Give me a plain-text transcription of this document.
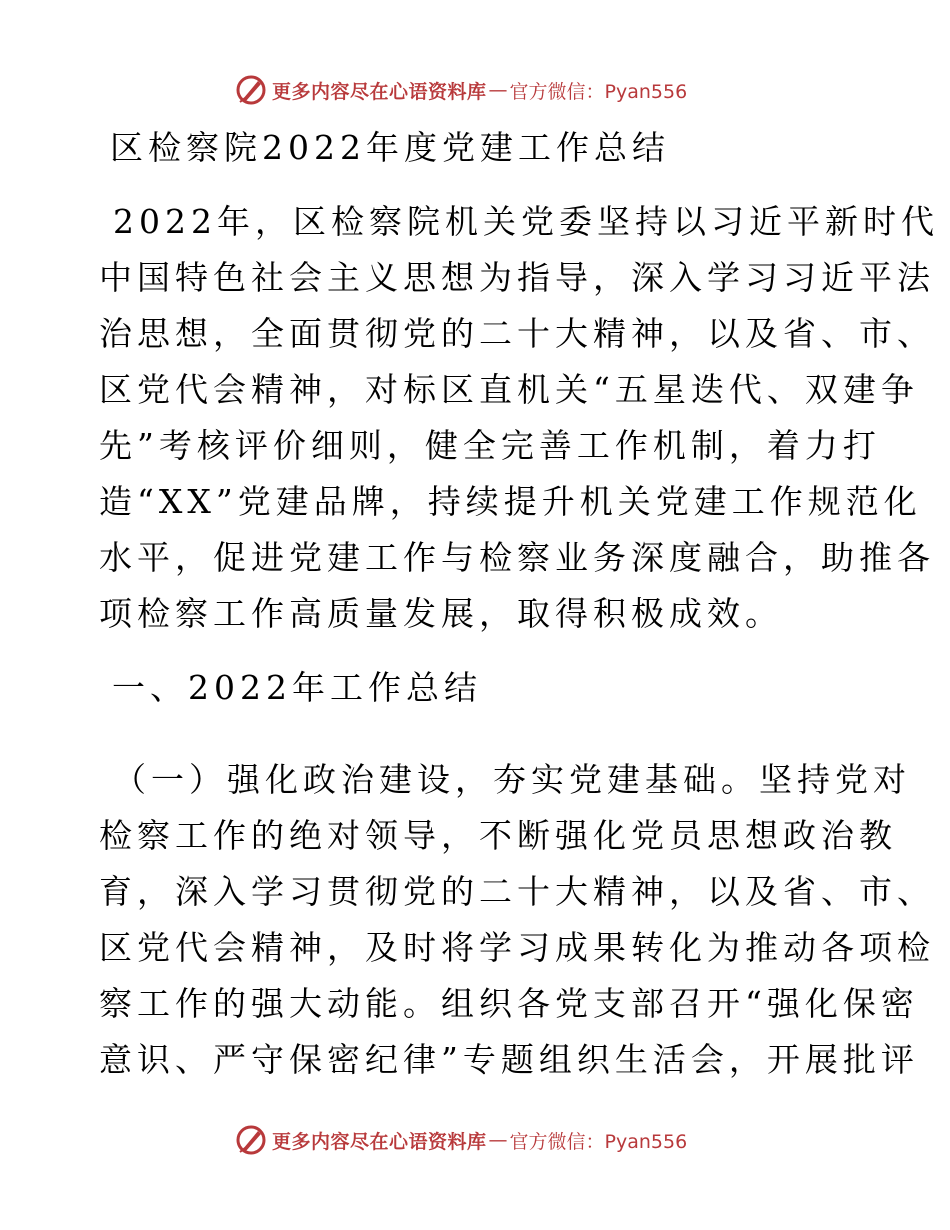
更多内容尽在心语资料库 — 官方微信：Pyan556
区检察院2022年度党建工作总结
2022年，区检察院机关党委坚持以习近平新时代
中国特色社会主义思想为指导，深入学习习近平法
治思想，全面贯彻党的二十大精神，以及省、市、
区党代会精神，对标区直机关“五星迭代、双建争
先”考核评价细则，健全完善工作机制，着力打
造“XX”党建品牌，持续提升机关党建工作规范化
水平，促进党建工作与检察业务深度融合，助推各
项检察工作高质量发展，取得积极成效。
一、2022年工作总结
（一）强化政治建设，夯实党建基础。坚持党对
检察工作的绝对领导，不断强化党员思想政治教
育，深入学习贯彻党的二十大精神，以及省、市、
区党代会精神，及时将学习成果转化为推动各项检
察工作的强大动能。组织各党支部召开“强化保密
意识、严守保密纪律”专题组织生活会，开展批评
更多内容尽在心语资料库 — 官方微信：Pyan556
